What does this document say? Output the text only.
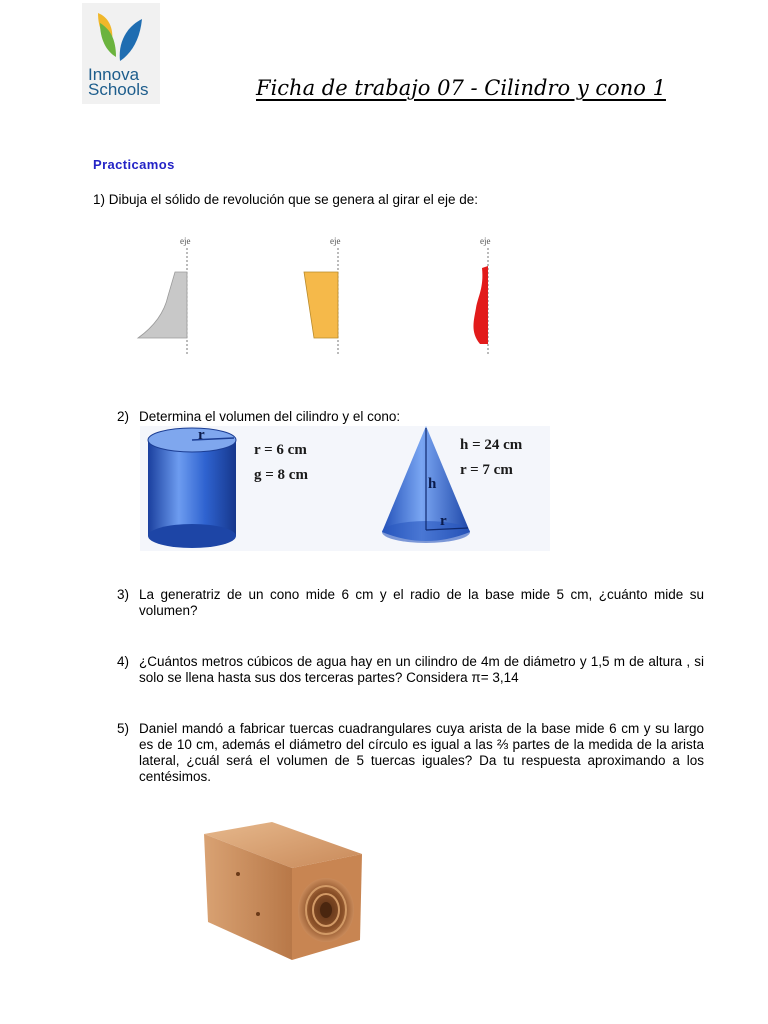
Innova
Schools	Ficha de trabajo 07 - Cilindro y cono 1
Practicamos
1) Dibuja el sólido de revolución que se genera al girar el eje de:
eje	eje	eje
2) Determina el volumen del cilindro y el cono:
r
r = 6 cm
g = 8 cm
h
r
h = 24 cm
r = 7 cm
3) La generatriz de un cono mide 6 cm y el radio de la base mide 5 cm, ¿cuánto mide su volumen?
4) ¿Cuántos metros cúbicos de agua hay en un cilindro de 4m de diámetro y 1,5 m de altura , si solo se llena hasta sus dos terceras partes? Considera π= 3,14
5) Daniel mandó a fabricar tuercas cuadrangulares cuya arista de la base mide 6 cm y su largo es de 10 cm, además el diámetro del círculo es igual a las ⅔ partes de la medida de la arista lateral, ¿cuál será el volumen de 5 tuercas iguales? Da tu respuesta aproximando a los centésimos.
